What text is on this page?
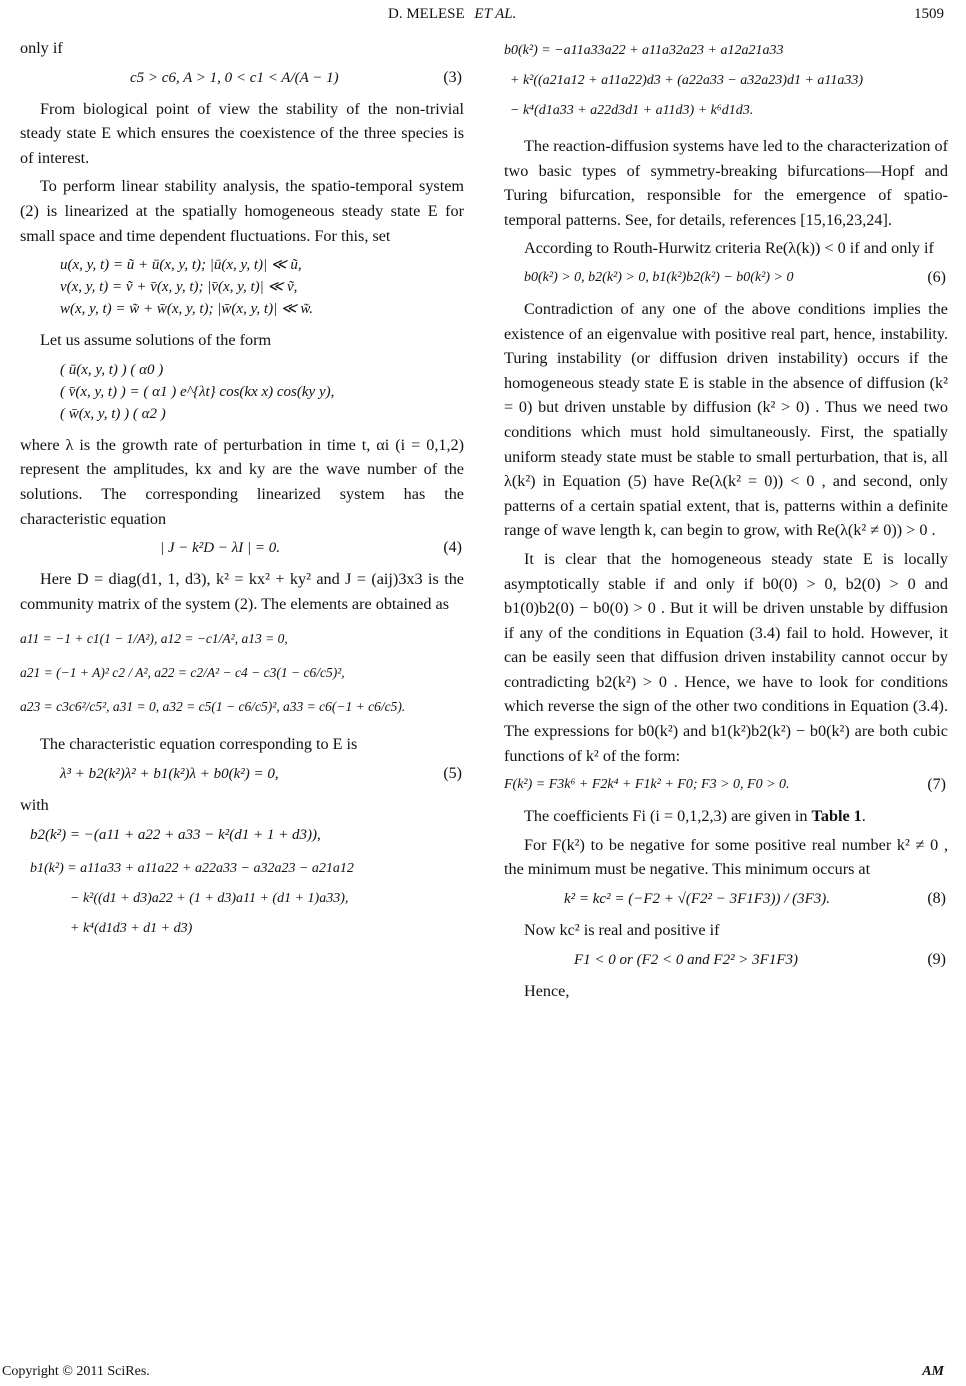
D. MELESE ET AL.	1509

only if

c5 > c6, A > 1, 0 < c1 < A/(A − 1)	(3)

From biological point of view the stability of the non-trivial steady state E which ensures the coexistence of the three species is of interest.

To perform linear stability analysis, the spatio-temporal system (2) is linearized at the spatially homogeneous steady state E for small space and time dependent fluctuations. For this, set

u(x, y, t) = ũ + ū(x, y, t); |ū(x, y, t)| ≪ ũ,
v(x, y, t) = ṽ + v̄(x, y, t); |v̄(x, y, t)| ≪ ṽ,
w(x, y, t) = w̃ + w̄(x, y, t); |w̄(x, y, t)| ≪ w̃.

Let us assume solutions of the form

( ū(x, y, t) ) ( α0 )
( v̄(x, y, t) ) = ( α1 ) e^{λt} cos(kx x) cos(ky y),
( w̄(x, y, t) ) ( α2 )

where λ is the growth rate of perturbation in time t, αi (i = 0,1,2) represent the amplitudes, kx and ky are the wave number of the solutions. The corresponding linearized system has the characteristic equation

| J − k²D − λI | = 0.	(4)

Here D = diag(d1, 1, d3), k² = kx² + ky² and J = (aij)3x3 is the community matrix of the system (2). The elements are obtained as

a11 = −1 + c1(1 − 1/A²), a12 = −c1/A², a13 = 0,
a21 = (−1 + A)² c2 / A², a22 = c2/A² − c4 − c3(1 − c6/c5)²,
a23 = c3c6²/c5², a31 = 0, a32 = c5(1 − c6/c5)², a33 = c6(−1 + c6/c5).

The characteristic equation corresponding to E is

λ³ + b2(k²)λ² + b1(k²)λ + b0(k²) = 0,	(5)

with

b2(k²) = −(a11 + a22 + a33 − k²(d1 + 1 + d3)),
b1(k²) = a11a33 + a11a22 + a22a33 − a32a23 − a21a12
− k²((d1 + d3)a22 + (1 + d3)a11 + (d1 + 1)a33),
+ k⁴(d1d3 + d1 + d3)
b0(k²) = −a11a33a22 + a11a32a23 + a12a21a33
+ k²((a21a12 + a11a22)d3 + (a22a33 − a32a23)d1 + a11a33)
− k⁴(d1a33 + a22d3d1 + a11d3) + k⁶d1d3.

The reaction-diffusion systems have led to the characterization of two basic types of symmetry-breaking bifurcations—Hopf and Turing bifurcation, responsible for the emergence of spatio-temporal patterns. See, for details, references [15,16,23,24].

According to Routh-Hurwitz criteria Re(λ(k)) < 0 if and only if

b0(k²) > 0, b2(k²) > 0, b1(k²)b2(k²) − b0(k²) > 0	(6)

Contradiction of any one of the above conditions implies the existence of an eigenvalue with positive real part, hence, instability. Turing instability (or diffusion driven instability) occurs if the homogeneous steady state E is stable in the absence of diffusion (k² = 0) but driven unstable by diffusion (k² > 0) . Thus we need two conditions which must hold simultaneously. First, the spatially uniform steady state must be stable to small perturbation, that is, all λ(k²) in Equation (5) have Re(λ(k² = 0)) < 0 , and second, only patterns of a certain spatial extent, that is, patterns within a definite range of wave length k, can begin to grow, with Re(λ(k² ≠ 0)) > 0 .

It is clear that the homogeneous steady state E is locally asymptotically stable if and only if b0(0) > 0, b2(0) > 0 and b1(0)b2(0) − b0(0) > 0 . But it will be driven unstable by diffusion if any of the conditions in Equation (3.4) fail to hold. However, it can be easily seen that diffusion driven instability cannot occur by contradicting b2(k²) > 0 . Hence, we have to look for conditions which reverse the sign of the other two conditions in Equation (3.4). The expressions for b0(k²) and b1(k²)b2(k²) − b0(k²) are both cubic functions of k² of the form:

F(k²) = F3k⁶ + F2k⁴ + F1k² + F0; F3 > 0, F0 > 0.	(7)

The coefficients Fi (i = 0,1,2,3) are given in Table 1.

For F(k²) to be negative for some positive real number k² ≠ 0 , the minimum must be negative. This minimum occurs at

k² = kc² = (−F2 + √(F2² − 3F1F3)) / (3F3).	(8)

Now kc² is real and positive if

F1 < 0 or (F2 < 0 and F2² > 3F1F3)	(9)

Hence,

Copyright © 2011 SciRes.	AM
